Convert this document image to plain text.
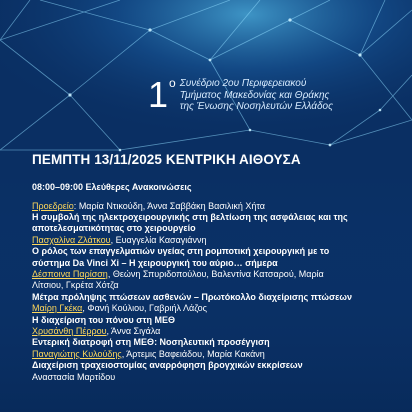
1 ο Συνέδριο 2ου Περιφερειακού
Τμήματος Μακεδονίας και Θράκης
της Ένωσης Νοσηλευτών Ελλάδος
ΠΕΜΠΤΗ 13/11/2025 ΚΕΝΤΡΙΚΗ ΑΙΘΟΥΣΑ
08:00–09:00 Ελεύθερες Ανακοινώσεις
Προεδρείο: Μαρία Ντικούδη, Άννα Σαββάκη Βασιλική Χήτα
Η συμβολή της ηλεκτροχειρουργικής στη βελτίωση της ασφάλειας και της
αποτελεσματικότητας στο χειρουργείο
Πασχαλίνα Ζλάτκου, Ευαγγελία Κασαγιάννη
Ο ρόλος των επαγγελματιών υγείας στη ρομποτική χειρουργική με το
σύστημα Da Vinci Xi – Η χειρουργική του αύριο… σήμερα
Δέσποινα Παρίσση, Θεώνη Σπυριδοπούλου, Βαλεντίνα Κατσαρού, Μαρία
Λίτσιου, Γκρέτα Χότζα
Μέτρα πρόληψης πτώσεων ασθενών – Πρωτόκολλο διαχείρισης πτώσεων
Μαίρη Γκέκα, Φανή Κούλιου, Γαβριήλ Λάζος
Η διαχείριση του πόνου στη ΜΕΘ
Χρυσάνθη Πέρρου, Άννα Σιγάλα
Εντερική διατροφή στη ΜΕΘ: Νοσηλευτική προσέγγιση
Παναγιώτης Κυλούδης, Άρτεμις Βαφειάδου, Μαρία Κακάνη
Διαχείριση τραχειοστομίας αναρρόφηση βρογχικών εκκρίσεων
Αναστασία Μαρτίδου
